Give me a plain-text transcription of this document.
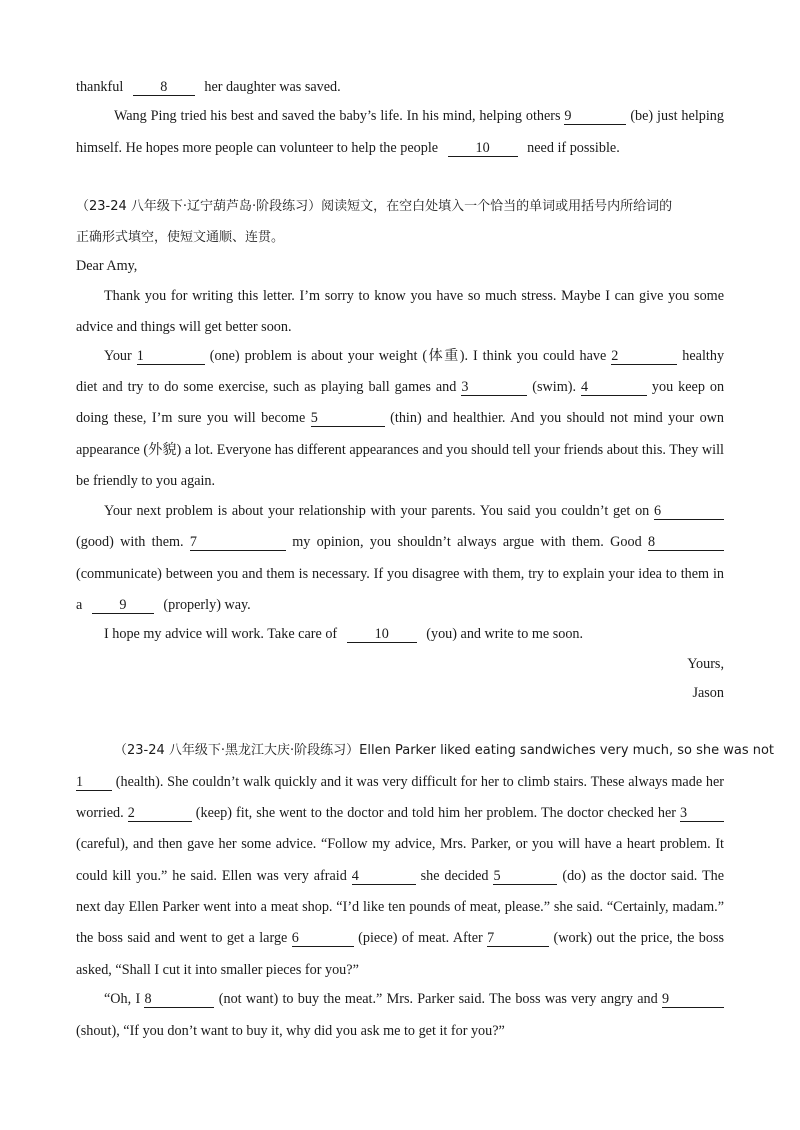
thankful	8	her daughter was saved.
Wang Ping tried his best and saved the baby’s life. In his mind, helping others 9	(be) just helping
himself. He hopes more people can volunteer to help the people	10	need if possible.
（23-24 八年级下·辽宁葫芦岛·阶段练习）阅读短文，在空白处填入一个恰当的单词或用括号内所给词的
正确形式填空，使短文通顺、连贯。
Dear Amy,
Thank you for writing this letter. I’m sorry to know you have so much stress. Maybe I can give you some
advice and things will get better soon.
Your 1	(one) problem is about your weight (体重). I think you could have 2	healthy
diet and try to do some exercise, such as playing ball games and 3	(swim). 4	you keep on
doing these, I’m sure you will become 5	(thin) and healthier. And you should not mind your own
appearance (外貌) a lot. Everyone has different appearances and you should tell your friends about this. They will
be friendly to you again.
Your next problem is about your relationship with your parents. You said you couldn’t get on 6
(good) with them. 7	my opinion, you shouldn’t always argue with them. Good 8
(communicate) between you and them is necessary. If you disagree with them, try to explain your idea to them in
a	9	(properly) way.
I hope my advice will work. Take care of	10	(you) and write to me soon.
Yours,
Jason
（23-24 八年级下·黑龙江大庆·阶段练习）Ellen Parker liked eating sandwiches very much, so she was not
1 (health). She couldn’t walk quickly and it was very difficult for her to climb stairs. These always made her
worried. 2	(keep) fit, she went to the doctor and told him her problem. The doctor checked her 3
(careful), and then gave her some advice. “Follow my advice, Mrs. Parker, or you will have a heart problem. It
could kill you.” he said. Ellen was very afraid 4	she decided 5	(do) as the doctor said. The
next day Ellen Parker went into a meat shop. “I’d like ten pounds of meat, please.” she said. “Certainly, madam.”
the boss said and went to get a large 6	(piece) of meat. After 7	(work) out the price, the boss
asked, “Shall I cut it into smaller pieces for you?”
“Oh, I 8	(not want) to buy the meat.” Mrs. Parker said. The boss was very angry and 9
(shout), “If you don’t want to buy it, why did you ask me to get it for you?”
